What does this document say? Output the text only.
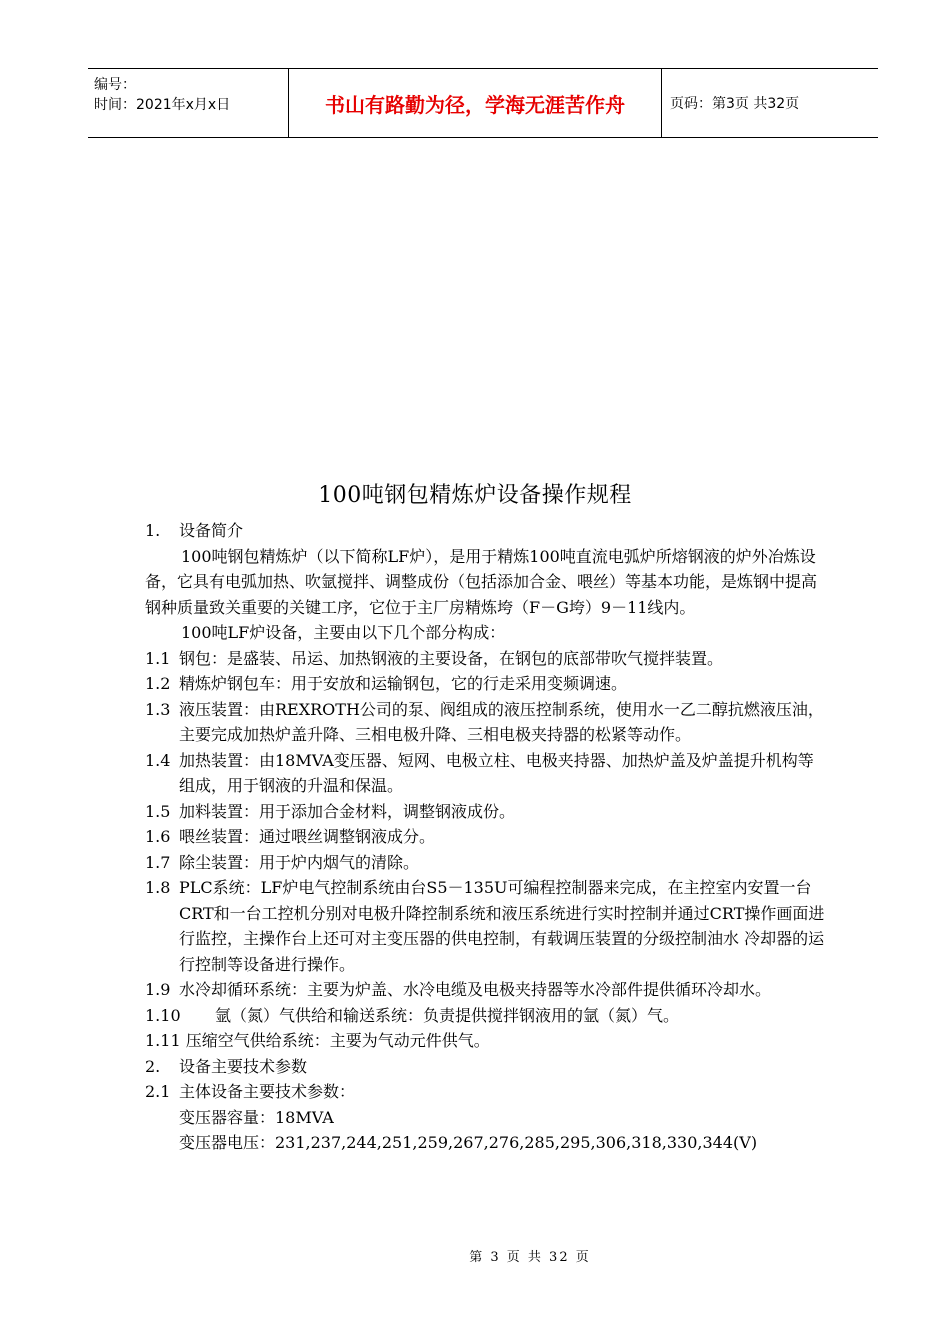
编号：
时间：2021年x月x日	书山有路勤为径，学海无涯苦作舟	页码：第3页 共32页
100吨钢包精炼炉设备操作规程
1.	设备简介

100吨钢包精炼炉（以下简称LF炉），是用于精炼100吨直流电弧炉所熔钢液的炉外冶炼设备，它具有电弧加热、吹氩搅拌、调整成份（包括添加合金、喂丝）等基本功能，是炼钢中提高钢种质量致关重要的关键工序，它位于主厂房精炼垮（F－G垮）9－11线内。

100吨LF炉设备，主要由以下几个部分构成：

1.1 钢包：是盛装、吊运、加热钢液的主要设备，在钢包的底部带吹气搅拌装置。
1.2 精炼炉钢包车：用于安放和运输钢包，它的行走采用变频调速。
1.3 液压装置：由REXROTH公司的泵、阀组成的液压控制系统，使用水一乙二醇抗燃液压油，主要完成加热炉盖升降、三相电极升降、三相电极夹持器的松紧等动作。
1.4 加热装置：由18MVA变压器、短网、电极立柱、电极夹持器、加热炉盖及炉盖提升机构等组成，用于钢液的升温和保温。
1.5 加料装置：用于添加合金材料，调整钢液成份。
1.6 喂丝装置：通过喂丝调整钢液成分。
1.7 除尘装置：用于炉内烟气的清除。
1.8 PLC系统：LF炉电气控制系统由台S5－135U可编程控制器来完成，在主控室内安置一台CRT和一台工控机分别对电极升降控制系统和液压系统进行实时控制并通过CRT操作画面进行监控，主操作台上还可对主变压器的供电控制，有载调压装置的分级控制油水 冷却器的运行控制等设备进行操作。
1.9 水冷却循环系统：主要为炉盖、水冷电缆及电极夹持器等水冷部件提供循环冷却水。
1.10	氩（氮）气供给和输送系统：负责提供搅拌钢液用的氩（氮）气。

1.11 压缩空气供给系统：主要为气动元件供气。

2.	设备主要技术参数
2.1 主体设备主要技术参数：

变压器容量：18MVA

变压器电压：231,237,244,251,259,267,276,285,295,306,318,330,344(V)

第 3 页 共 32 页
